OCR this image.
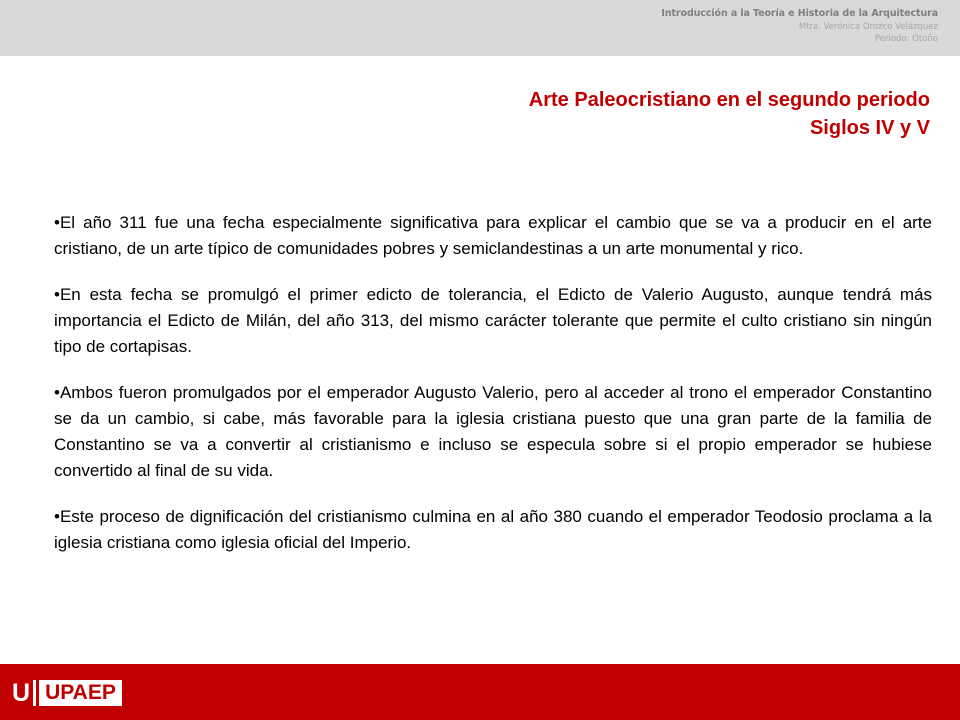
Introducción a la Teoría e Historia de la Arquitectura
Mtra. Verónica Orozco Velázquez
Periodo: Otoño
Arte Paleocristiano en el segundo periodo
Siglos IV y V

•El año 311 fue una fecha especialmente significativa para explicar el cambio que se va a producir en el arte cristiano, de un arte típico de comunidades pobres y semiclandestinas a un arte monumental y rico.

•En esta fecha se promulgó el primer edicto de tolerancia, el Edicto de Valerio Augusto, aunque tendrá más importancia el Edicto de Milán, del año 313, del mismo carácter tolerante que permite el culto cristiano sin ningún tipo de cortapisas.

•Ambos fueron promulgados por el emperador Augusto Valerio, pero al acceder al trono el emperador Constantino se da un cambio, si cabe, más favorable para la iglesia cristiana puesto que una gran parte de la familia de Constantino se va a convertir al cristianismo e incluso se especula sobre si el propio emperador se hubiese convertido al final de su vida.

•Este proceso de dignificación del cristianismo culmina en al año 380 cuando el emperador Teodosio proclama a la iglesia cristiana como iglesia oficial del Imperio.

U UPAEP
